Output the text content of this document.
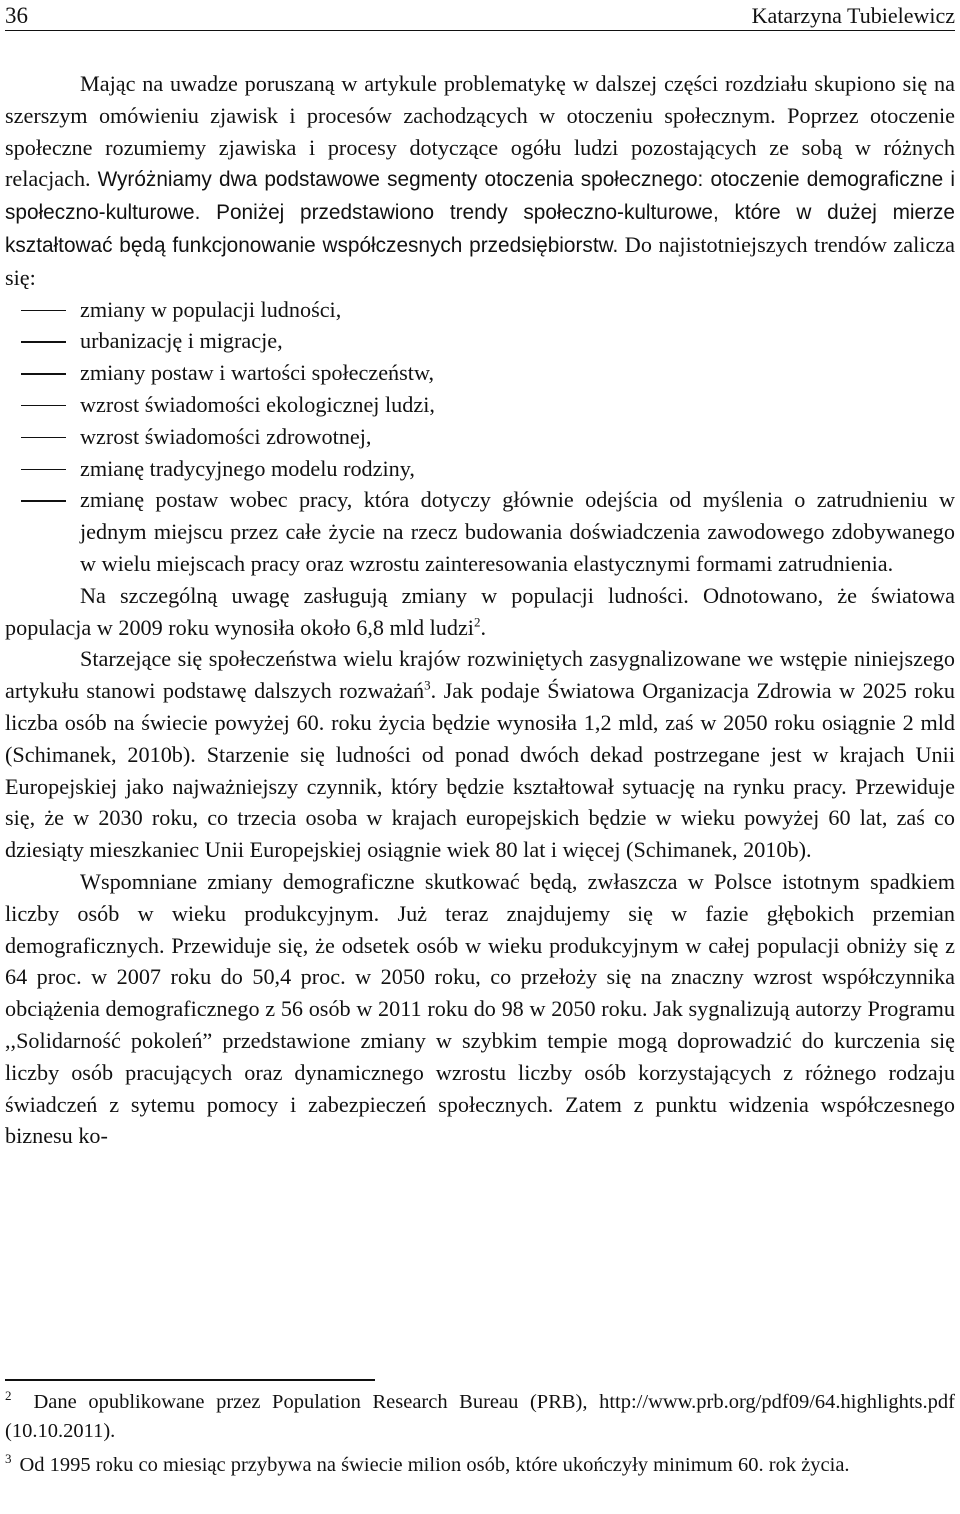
36	Katarzyna Tubielewicz

Mając na uwadze poruszaną w artykule problematykę w dalszej części rozdziału skupiono się na szerszym omówieniu zjawisk i procesów zachodzących w otoczeniu społecznym. Poprzez otoczenie społeczne rozumiemy zjawiska i procesy dotyczące ogółu ludzi pozostających ze sobą w różnych relacjach. Wyróżniamy dwa podstawowe segmenty otoczenia społecznego: otoczenie demograficzne i społeczno-kulturowe. Poniżej przedstawiono trendy społeczno-kulturowe, które w dużej mierze kształtować będą funkcjonowanie współczesnych przedsiębiorstw. Do najistotniejszych trendów zalicza się:

zmiany w populacji ludności,
urbanizację i migracje,
zmiany postaw i wartości społeczeństw,
wzrost świadomości ekologicznej ludzi,
wzrost świadomości zdrowotnej,
zmianę tradycyjnego modelu rodziny,
zmianę postaw wobec pracy, która dotyczy głównie odejścia od myślenia o zatrudnieniu w jednym miejscu przez całe życie na rzecz budowania doświadczenia zawodowego zdobywanego w wielu miejscach pracy oraz wzrostu zainteresowania elastycznymi formami zatrudnienia.

Na szczególną uwagę zasługują zmiany w populacji ludności. Odnotowano, że światowa populacja w 2009 roku wynosiła około 6,8 mld ludzi$^2$.

Starzejące się społeczeństwa wielu krajów rozwiniętych zasygnalizowane we wstępie niniejszego artykułu stanowi podstawę dalszych rozważań$^3$. Jak podaje Światowa Organizacja Zdrowia w 2025 roku liczba osób na świecie powyżej 60. roku życia będzie wynosiła 1,2 mld, zaś w 2050 roku osiągnie 2 mld (Schimanek, 2010b). Starzenie się ludności od ponad dwóch dekad postrzegane jest w krajach Unii Europejskiej jako najważniejszy czynnik, który będzie kształtował sytuację na rynku pracy. Przewiduje się, że w 2030 roku, co trzecia osoba w krajach europejskich będzie w wieku powyżej 60 lat, zaś co dziesiąty mieszkaniec Unii Europejskiej osiągnie wiek 80 lat i więcej (Schimanek, 2010b).

Wspomniane zmiany demograficzne skutkować będą, zwłaszcza w Polsce istotnym spadkiem liczby osób w wieku produkcyjnym. Już teraz znajdujemy się w fazie głębokich przemian demograficznych. Przewiduje się, że odsetek osób w wieku produkcyjnym w całej populacji obniży się z 64 proc. w 2007 roku do 50,4 proc. w 2050 roku, co przełoży się na znaczny wzrost współczynnika obciążenia demograficznego z 56 osób w 2011 roku do 98 w 2050 roku. Jak sygnalizują autorzy Programu ,,Solidarność pokoleń” przedstawione zmiany w szybkim tempie mogą doprowadzić do kurczenia się liczby osób pracujących oraz dynamicznego wzrostu liczby osób korzystających z różnego rodzaju świadczeń z sytemu pomocy i zabezpieczeń społecznych. Zatem z punktu widzenia współczesnego biznesu ko-

$^2$ Dane opublikowane przez Population Research Bureau (PRB), http://www.prb.org/pdf09/64.highlights.pdf (10.10.2011).

$^3$ Od 1995 roku co miesiąc przybywa na świecie milion osób, które ukończyły minimum 60. rok życia.
